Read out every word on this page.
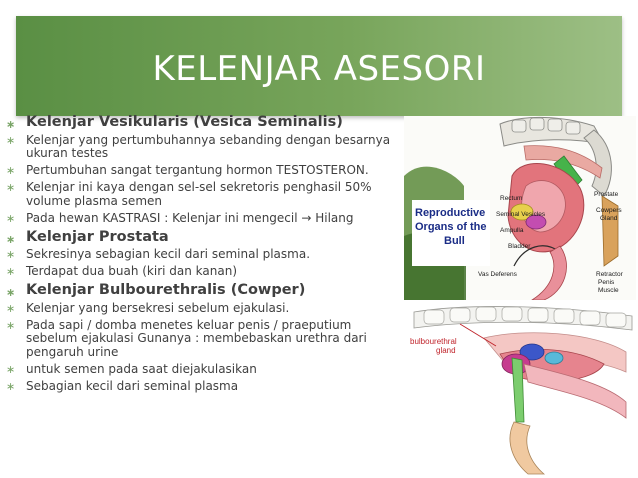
KELENJAR ASESORI
∗ Kelenjar Vesikularis (Vesica Seminalis)
∗ Kelenjar yang pertumbuhannya sebanding dengan besarnya ukuran testes
∗ Pertumbuhan sangat tergantung hormon TESTOSTERON.
∗ Kelenjar ini kaya dengan sel-sel sekretoris penghasil 50% volume plasma semen
∗ Pada hewan KASTRASI : Kelenjar ini mengecil → Hilang
∗ Kelenjar Prostata
∗ Sekresinya sebagian kecil dari seminal plasma.
∗ Terdapat dua buah (kiri dan kanan)
∗ Kelenjar Bulbourethralis (Cowper)
∗ Kelenjar yang bersekresi sebelum ejakulasi.
∗ Pada sapi / domba menetes keluar penis / praeputium sebelum ejakulasi Gunanya : membebaskan urethra dari pengaruh urine
∗ untuk semen pada saat diejakulasikan
∗ Sebagian kecil dari seminal plasma
Reproductive
Organs of the
Bull
Rectum
Seminal Vesicles
Ampulla
Bladder
Vas Deferens
Prostate
Cowpers
Gland
Retractor
Penis
Muscle
bulbourethral
gland
